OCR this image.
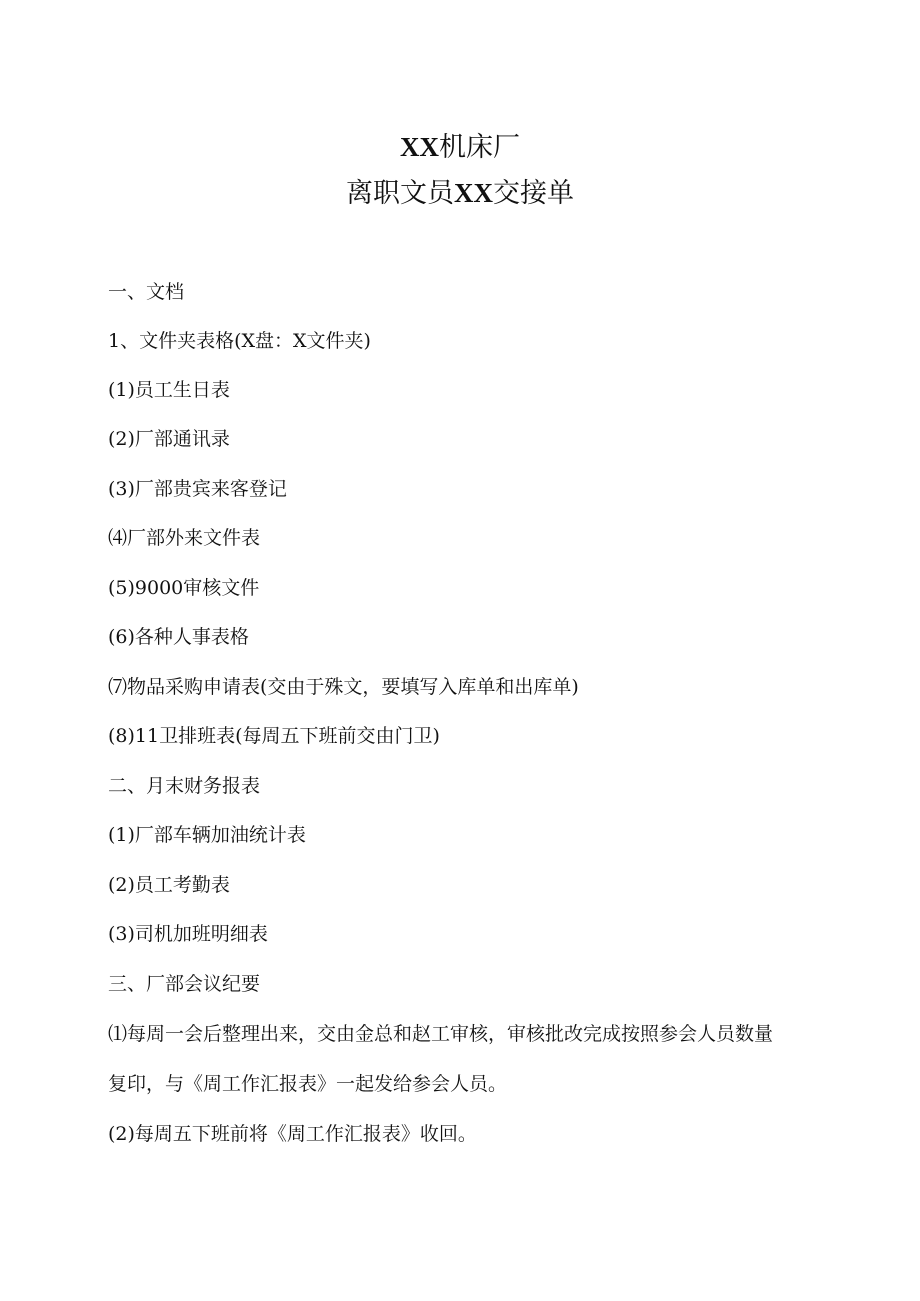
XX机床厂
离职文员XX交接单
一、文档
1、文件夹表格(X盘：X文件夹)
(1)员工生日表
(2)厂部通讯录
(3)厂部贵宾来客登记
⑷厂部外来文件表
(5)9000审核文件
(6)各种人事表格
⑺物品采购申请表(交由于殊文，要填写入库单和出库单)
(8)11卫排班表(每周五下班前交由门卫)
二、月末财务报表
(1)厂部车辆加油统计表
(2)员工考勤表
(3)司机加班明细表
三、厂部会议纪要
⑴每周一会后整理出来，交由金总和赵工审核，审核批改完成按照参会人员数量
复印，与《周工作汇报表》一起发给参会人员。
(2)每周五下班前将《周工作汇报表》收回。
